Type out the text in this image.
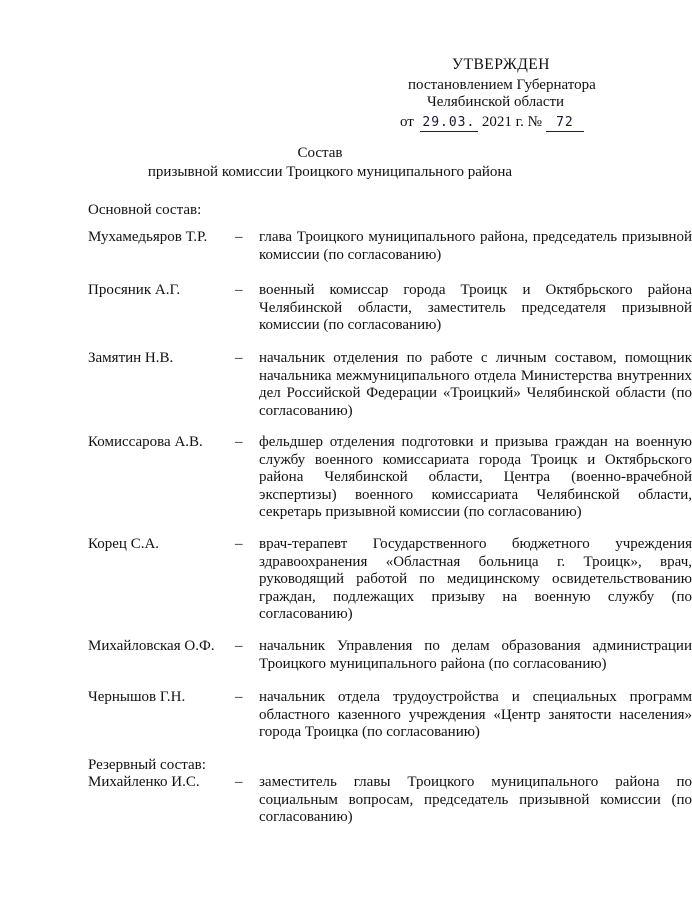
УТВЕРЖДЕН
постановлением Губернатора
Челябинской области
от 29.03. 2021 г. № 72
Состав
призывной комиссии Троицкого муниципального района
Основной состав:
Мухамедьяров Т.Р.	– глава Троицкого муниципального района, председатель призывной комиссии (по согласованию)
Просяник А.Г.	– военный комиссар города Троицк и Октябрьского района Челябинской области, заместитель председателя призывной комиссии (по согласованию)
Замятин Н.В.	– начальник отделения по работе с личным составом, помощник начальника межмуниципального отдела Министерства внутренних дел Российской Федерации «Троицкий» Челябинской области (по согласованию)
Комиссарова А.В.	– фельдшер отделения подготовки и призыва граждан на военную службу военного комиссариата города Троицк и Октябрьского района Челябинской области, Центра (военно-врачебной экспертизы) военного комиссариата Челябинской области, секретарь призывной комиссии (по согласованию)
Корец С.А.	– врач-терапевт Государственного бюджетного учреждения здравоохранения «Областная больница г. Троицк», врач, руководящий работой по медицинскому освидетельствованию граждан, подлежащих призыву на военную службу (по согласованию)
Михайловская О.Ф.	– начальник Управления по делам образования администрации Троицкого муниципального района (по согласованию)
Чернышов Г.Н.	– начальник отдела трудоустройства и специальных программ областного казенного учреждения «Центр занятости населения» города Троицка (по согласованию)
Резервный состав:
Михайленко И.С.	– заместитель главы Троицкого муниципального района по социальным вопросам, председатель призывной комиссии (по согласованию)
